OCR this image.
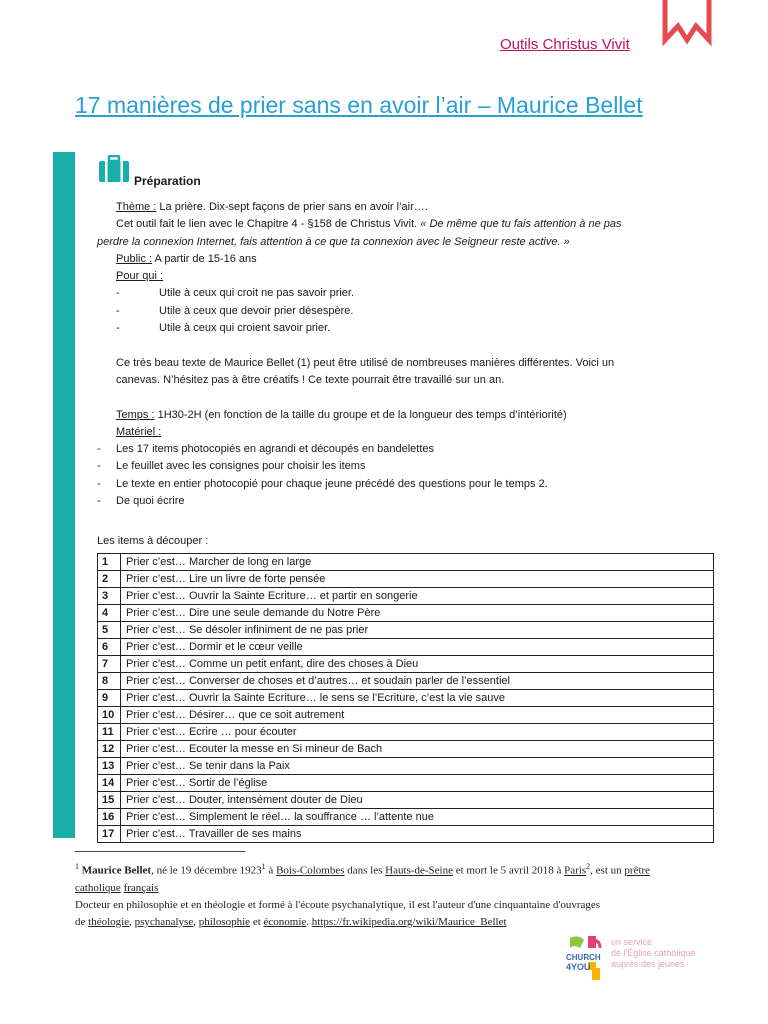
Outils Christus Vivit
17 manières de prier sans en avoir l’air – Maurice Bellet
Préparation

Thème : La prière. Dix-sept façons de prier sans en avoir l’air….

Cet outil fait le lien avec le Chapitre 4 - §158 de Christus Vivit. « De même que tu fais attention à ne pas

perdre la connexion Internet, fais attention à ce que ta connexion avec le Seigneur reste active. »

Public : A partir de 15-16 ans

Pour qui :

-	Utile à ceux qui croit ne pas savoir prier.

-	Utile à ceux que devoir prier désespère.

-	Utile à ceux qui croient savoir prier.

Ce très beau texte de Maurice Bellet (1) peut être utilisé de nombreuses manières différentes. Voici un

canevas. N’hésitez pas à être créatifs ! Ce texte pourrait être travaillé sur un an.

Temps : 1H30-2H (en fonction de la taille du groupe et de la longueur des temps d’intériorité)

Matériel :

-	Les 17 items photocopiés en agrandi et découpés en bandelettes

-	Le feuillet avec les consignes pour choisir les items

-	Le texte en entier photocopié pour chaque jeune précédé des questions pour le temps 2.

-	De quoi écrire

Les items à découper :
1	Prier c’est… Marcher de long en large
2	Prier c’est… Lire un livre de forte pensée
3	Prier c’est… Ouvrir la Sainte Ecriture… et partir en songerie
4	Prier c’est… Dire une seule demande du Notre Père
5	Prier c’est… Se désoler infiniment de ne pas prier
6	Prier c’est… Dormir et le cœur veille
7	Prier c’est… Comme un petit enfant, dire des choses à Dieu
8	Prier c’est… Converser de choses et d’autres… et soudain parler de l’essentiel
9	Prier c’est… Ouvrir la Sainte Ecriture… le sens se l’Ecriture, c’est la vie sauve
10	Prier c’est… Désirer… que ce soit autrement
11	Prier c’est… Ecrire … pour écouter
12	Prier c’est… Ecouter la messe en Si mineur de Bach
13	Prier c’est… Se tenir dans la Paix
14	Prier c’est… Sortir de l’église
15	Prier c’est… Douter, intensément douter de Dieu
16	Prier c’est… Simplement le réel… la souffrance … l’attente nue
17	Prier c’est… Travailler de ses mains

$^1$ Maurice Bellet, né le 19 décembre 1923$^1$ à Bois-Colombes dans les Hauts-de-Seine et mort le 5 avril 2018 à Paris$^2$, est un prêtre

catholique français

Docteur en philosophie et en théologie et formé à l'écoute psychanalytique, il est l'auteur d'une cinquantaine d'ouvrages

de théologie, psychanalyse, philosophie et économie. https://fr.wikipedia.org/wiki/Maurice_Bellet

CHURCH
4YOU
un service
de l'Église catholique
auprès des jeunes
